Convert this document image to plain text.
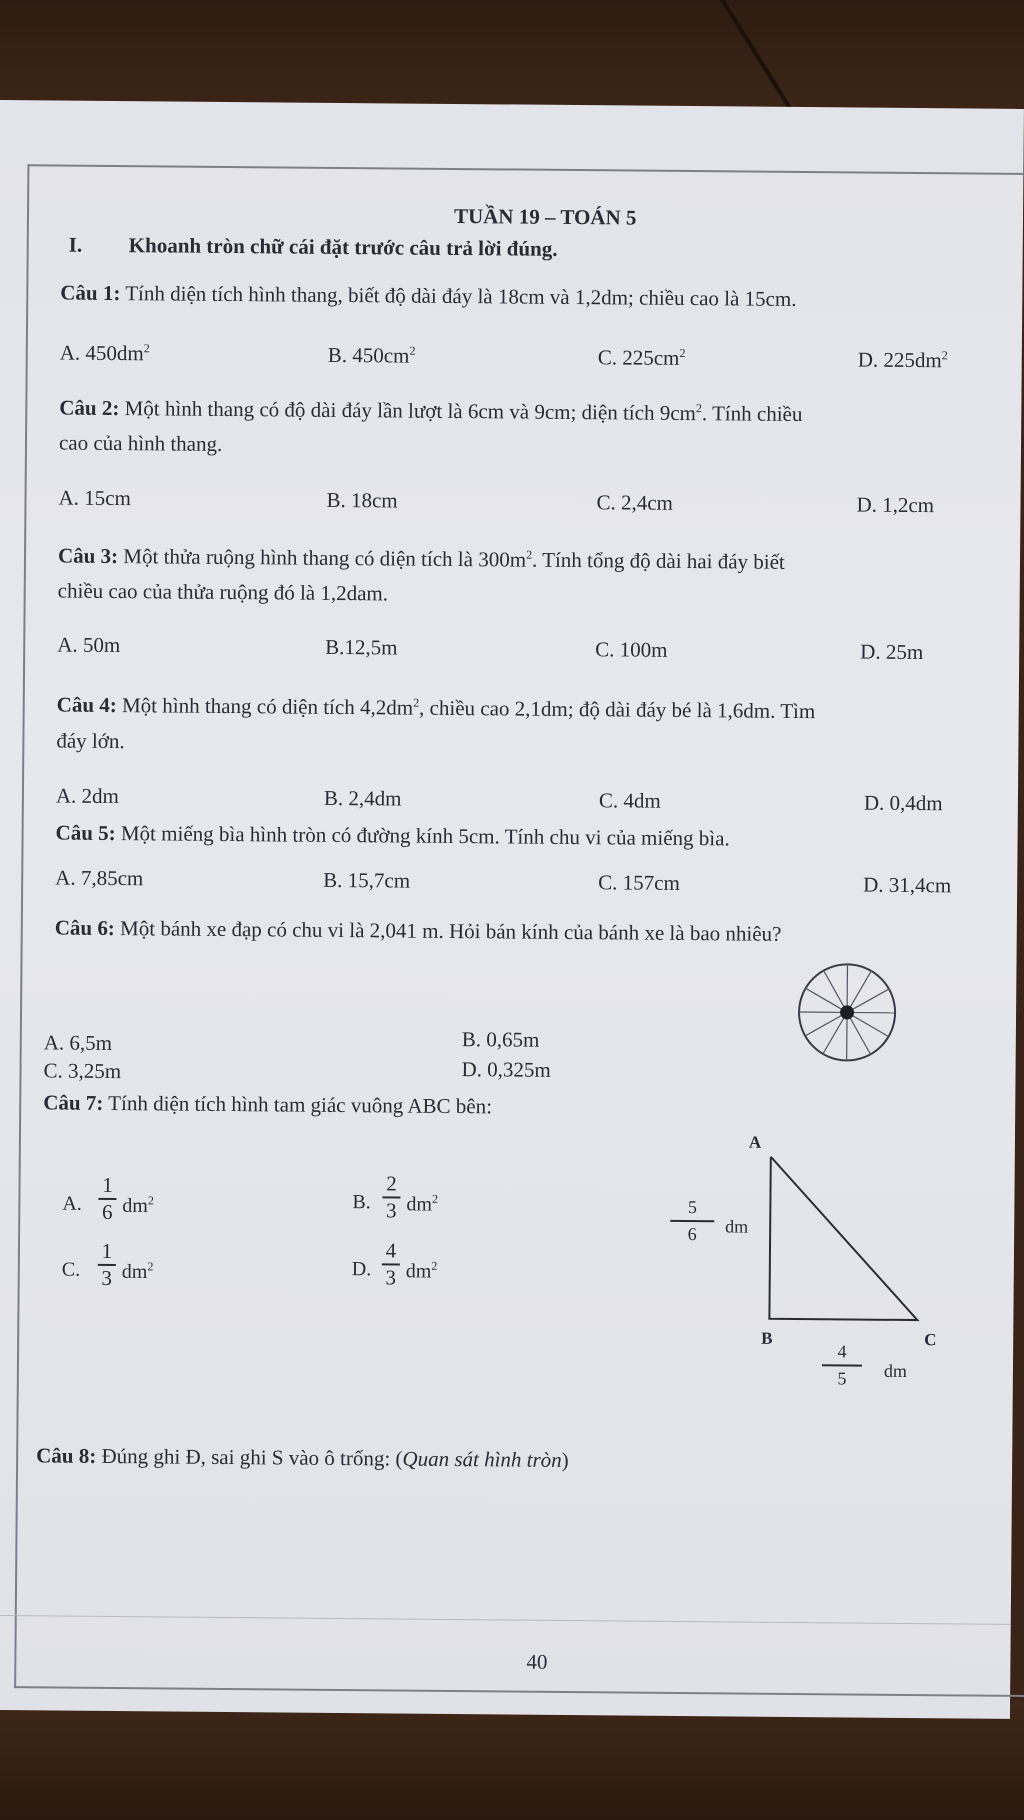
TUẦN 19 – TOÁN 5
I. Khoanh tròn chữ cái đặt trước câu trả lời đúng.
Câu 1: Tính diện tích hình thang, biết độ dài đáy là 18cm và 1,2dm; chiều cao là 15cm.
A. $450dm^2$	B. $450cm^2$	C. $225cm^2$	D. $225dm^2$
Câu 2: Một hình thang có độ dài đáy lần lượt là 6cm và 9cm; diện tích $9cm^2$. Tính chiều
cao của hình thang.
A. 15cm	B. 18cm	C. 2,4cm	D. 1,2cm
Câu 3: Một thửa ruộng hình thang có diện tích là $300m^2$. Tính tổng độ dài hai đáy biết
chiều cao của thửa ruộng đó là 1,2dam.
A. 50m	B.12,5m	C. 100m	D. 25m
Câu 4: Một hình thang có diện tích $4,2dm^2$, chiều cao 2,1dm; độ dài đáy bé là 1,6dm. Tìm
đáy lớn.
A. 2dm	B. 2,4dm	C. 4dm	D. 0,4dm
Câu 5: Một miếng bìa hình tròn có đường kính 5cm. Tính chu vi của miếng bìa.
A. 7,85cm	B. 15,7cm	C. 157cm	D. 31,4cm
Câu 6: Một bánh xe đạp có chu vi là 2,041 m. Hỏi bán kính của bánh xe là bao nhiêu?
A. 6,5m	B. 0,65m
C. 3,25m	D. 0,325m
Câu 7: Tính diện tích hình tam giác vuông ABC bên:
A.
1
6 $dm^2$	B.
2
3 $dm^2$
C.
1
3 $dm^2$	D.
4
3 $dm^2$
A
B	C
5
6 dm
4
5 dm
Câu 8: Đúng ghi Đ, sai ghi S vào ô trống: (Quan sát hình tròn)
40
